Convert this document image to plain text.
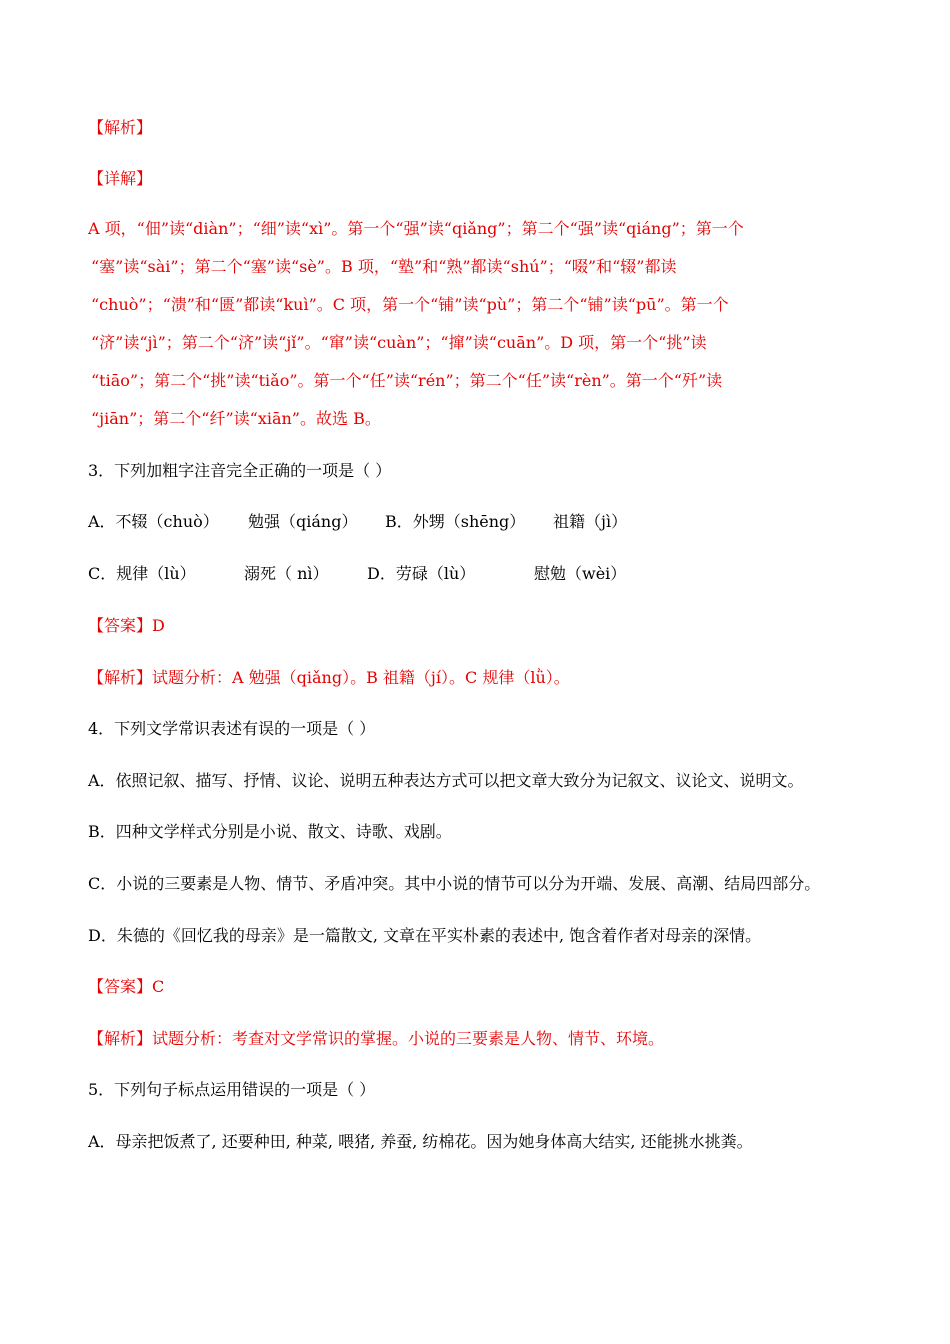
【解析】
【详解】
A 项，“佃”读“diàn”；“细”读“xì”。第一个“强”读“qiǎng”；第二个“强”读“qiáng”；第一个
“塞”读“sài”；第二个“塞”读“sè”。B 项，“塾”和“熟”都读“shú”；“啜”和“辍”都读
“chuò”；“溃”和“匮”都读“kuì”。C 项，第一个“铺”读“pù”；第二个“铺”读“pū”。第一个
“济”读“jì”；第二个“济”读“jǐ”。“窜”读“cuàn”；“撺”读“cuān”。D 项，第一个“挑”读
“tiāo”；第二个“挑”读“tiǎo”。第一个“任”读“rén”；第二个“任”读“rèn”。第一个“歼”读
“jiān”；第二个“纤”读“xiān”。故选 B。
3．下列加粗字注音完全正确的一项是（ ）
A．不辍（chuò） 勉强（qiáng） B．外甥（shēng） 祖籍（jì）
C．规律（lù）	溺死（ nì） D．劳碌（lù）	慰勉（wèi）
【答案】D
【解析】试题分析：A 勉强（qiǎng）。B 祖籍（jí）。C 规律（lǜ）。
4．下列文学常识表述有误的一项是（ ）
A．依照记叙、描写、抒情、议论、说明五种表达方式可以把文章大致分为记叙文、议论文、说明文。
B．四种文学样式分别是小说、散文、诗歌、戏剧。
C．小说的三要素是人物、情节、矛盾冲突。其中小说的情节可以分为开端、发展、高潮、结局四部分。
D．朱德的《回忆我的母亲》是一篇散文, 文章在平实朴素的表述中, 饱含着作者对母亲的深情。
【答案】C
【解析】试题分析：考查对文学常识的掌握。小说的三要素是人物、情节、环境。
5．下列句子标点运用错误的一项是（ ）
A．母亲把饭煮了, 还要种田, 种菜, 喂猪, 养蚕, 纺棉花。因为她身体高大结实, 还能挑水挑粪。
